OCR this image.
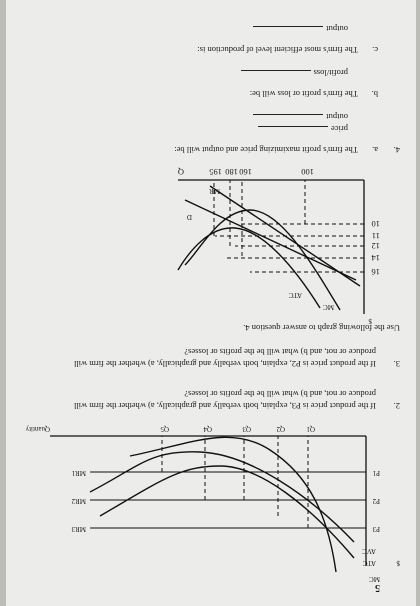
5
$
MC
ATC
AVC
P3
P2
P1
MR3
MR2
MR1
Q1
Q2
Q3
Q4
Q5
Quantity
2.
If the product price is P3, explain, both verbally and graphically, a) whether the firm will
produce or not, and b) what will be the profits or losses?
3.
If the product price is P2, explain, both verbally and graphically, a) whether the firm will
produce or not, and b) what will be the profits or losses?
Use the following graph to answer question 4.
$
MC
ATC
D
MR
16
14
12
11
10
100
160
180
195
Q
4.
a.
The firm's profit maximizing price and output will be:
price
output
b.
The firm's profit or loss will be:
profit/loss
c.
The firm's most efficient level of production is:
output
